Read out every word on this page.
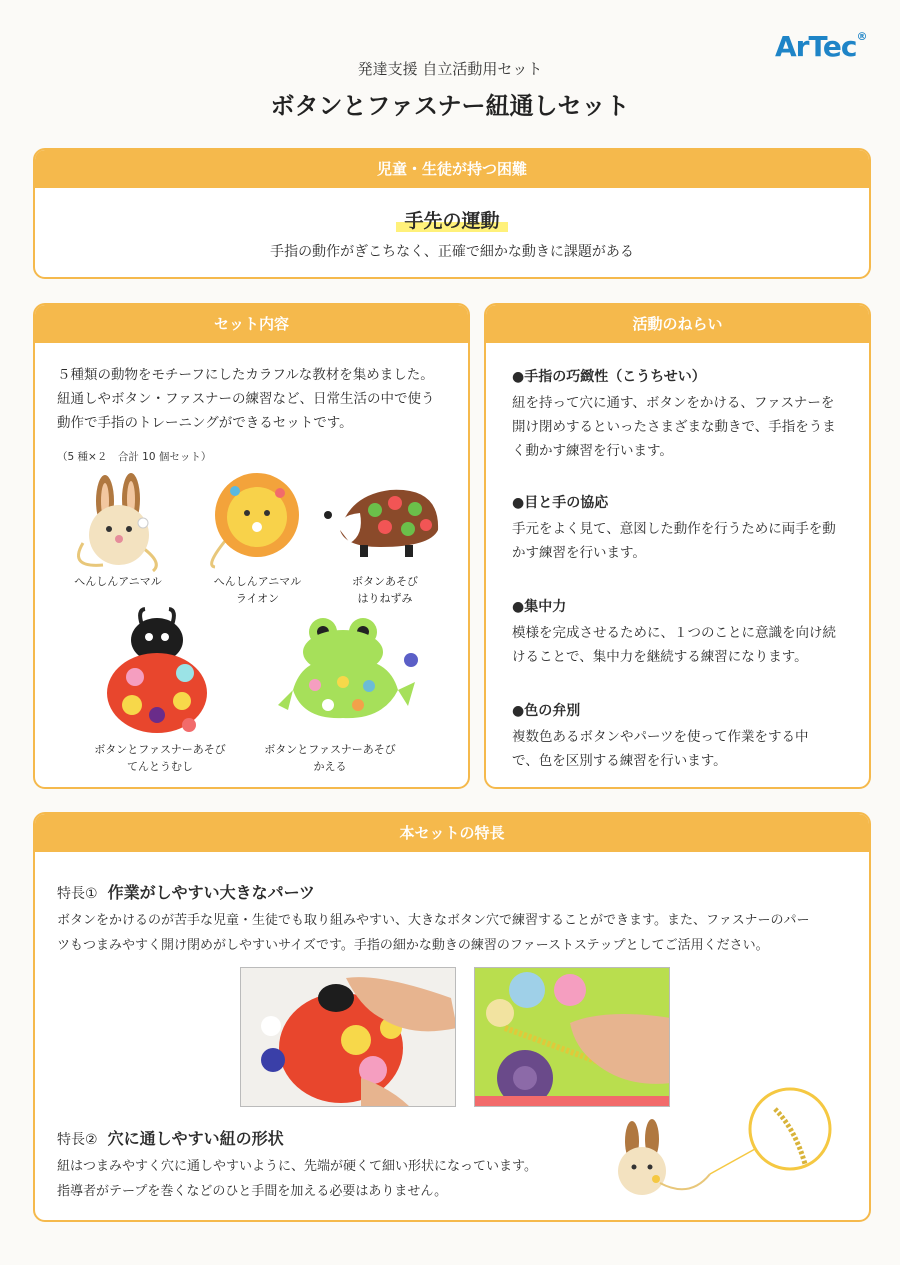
ArTec®
発達支援 自立活動用セット
ボタンとファスナー紐通しセット
児童・生徒が持つ困難
手先の運動
手指の動作がぎこちなく、正確で細かな動きに課題がある
セット内容
５種類の動物をモチーフにしたカラフルな教材を集めました。
紐通しやボタン・ファスナーの練習など、日常生活の中で使う
動作で手指のトレーニングができるセットです。
（5 種×２　合計 10 個セット）
へんしんアニマル	へんしんアニマル
ライオン
ボタンあそび
はりねずみ
ボタンとファスナーあそび
てんとうむし
ボタンとファスナーあそび
かえる
活動のねらい
●手指の巧緻性（こうちせい）
紐を持って穴に通す、ボタンをかける、ファスナーを
開け閉めするといったさまざまな動きで、手指をうま
く動かす練習を行います。
●目と手の協応
手元をよく見て、意図した動作を行うために両手を動
かす練習を行います。
●集中力
模様を完成させるために、１つのことに意識を向け続
けることで、集中力を継続する練習になります。
●色の弁別
複数色あるボタンやパーツを使って作業をする中
で、色を区別する練習を行います。
本セットの特長
特長① 作業がしやすい大きなパーツ
ボタンをかけるのが苦手な児童・生徒でも取り組みやすい、大きなボタン穴で練習することができます。また、ファスナーのパー
ツもつまみやすく開け閉めがしやすいサイズです。手指の細かな動きの練習のファーストステップとしてご活用ください。
特長② 穴に通しやすい紐の形状
紐はつまみやすく穴に通しやすいように、先端が硬くて細い形状になっています。
指導者がテープを巻くなどのひと手間を加える必要はありません。
